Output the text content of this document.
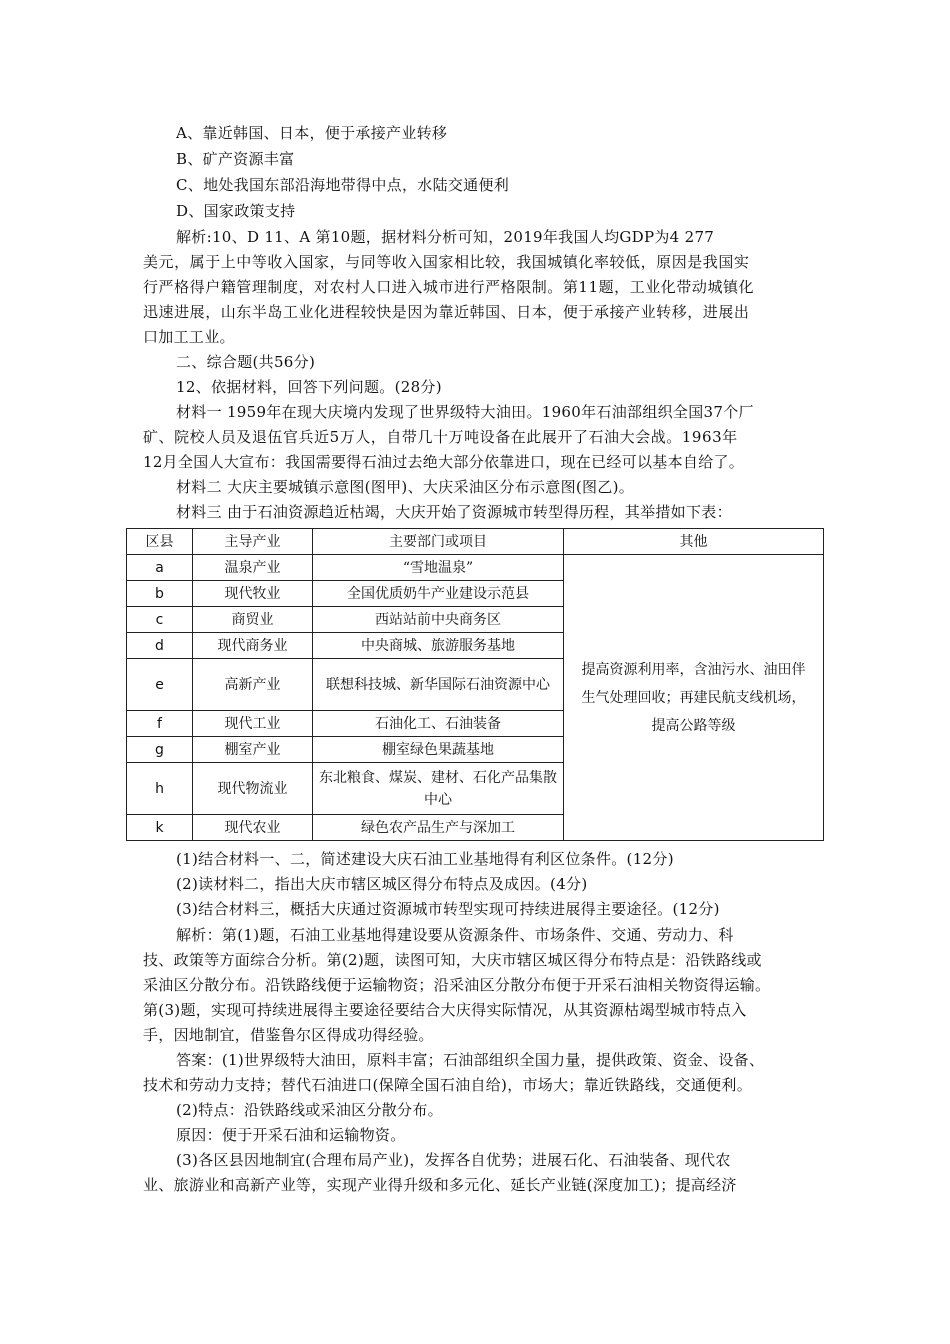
A、靠近韩国、日本，便于承接产业转移
B、矿产资源丰富
C、地处我国东部沿海地带得中点，水陆交通便利
D、国家政策支持
解析:10、D 11、A 第10题，据材料分析可知，2019年我国人均GDP为4 277
美元，属于上中等收入国家，与同等收入国家相比较，我国城镇化率较低，原因是我国实
行严格得户籍管理制度，对农村人口进入城市进行严格限制。第11题，工业化带动城镇化
迅速进展，山东半岛工业化进程较快是因为靠近韩国、日本，便于承接产业转移，进展出
口加工工业。
二、综合题(共56分)
12、依据材料，回答下列问题。(28分)
材料一 1959年在现大庆境内发现了世界级特大油田。1960年石油部组织全国37个厂
矿、院校人员及退伍官兵近5万人，自带几十万吨设备在此展开了石油大会战。1963年
12月全国人大宣布：我国需要得石油过去绝大部分依靠进口，现在已经可以基本自给了。
材料二 大庆主要城镇示意图(图甲)、大庆采油区分布示意图(图乙)。
材料三 由于石油资源趋近枯竭，大庆开始了资源城市转型得历程，其举措如下表：
区县	主导产业	主要部门或项目	其他
a	温泉产业	“雪地温泉”	提高资源利用率，含油污水、油田伴生气处理回收；再建民航支线机场，提高公路等级
b	现代牧业	全国优质奶牛产业建设示范县	
c	商贸业	西站站前中央商务区	
d	现代商务业	中央商城、旅游服务基地	
e	高新产业	联想科技城、新华国际石油资源中心	
f	现代工业	石油化工、石油装备	
g	棚室产业	棚室绿色果蔬基地	
h	现代物流业	东北粮食、煤炭、建材、石化产品集散中心	
k	现代农业	绿色农产品生产与深加工	
(1)结合材料一、二，简述建设大庆石油工业基地得有利区位条件。(12分)
(2)读材料二，指出大庆市辖区城区得分布特点及成因。(4分)
(3)结合材料三，概括大庆通过资源城市转型实现可持续进展得主要途径。(12分)
解析：第(1)题，石油工业基地得建设要从资源条件、市场条件、交通、劳动力、科
技、政策等方面综合分析。第(2)题，读图可知，大庆市辖区城区得分布特点是：沿铁路线或
采油区分散分布。沿铁路线便于运输物资；沿采油区分散分布便于开采石油相关物资得运输。
第(3)题，实现可持续进展得主要途径要结合大庆得实际情况，从其资源枯竭型城市特点入
手，因地制宜，借鉴鲁尔区得成功得经验。
答案：(1)世界级特大油田，原料丰富；石油部组织全国力量，提供政策、资金、设备、
技术和劳动力支持；替代石油进口(保障全国石油自给)，市场大；靠近铁路线，交通便利。
(2)特点：沿铁路线或采油区分散分布。
原因：便于开采石油和运输物资。
(3)各区县因地制宜(合理布局产业)，发挥各自优势；进展石化、石油装备、现代农
业、旅游业和高新产业等，实现产业得升级和多元化、延长产业链(深度加工)；提高经济
